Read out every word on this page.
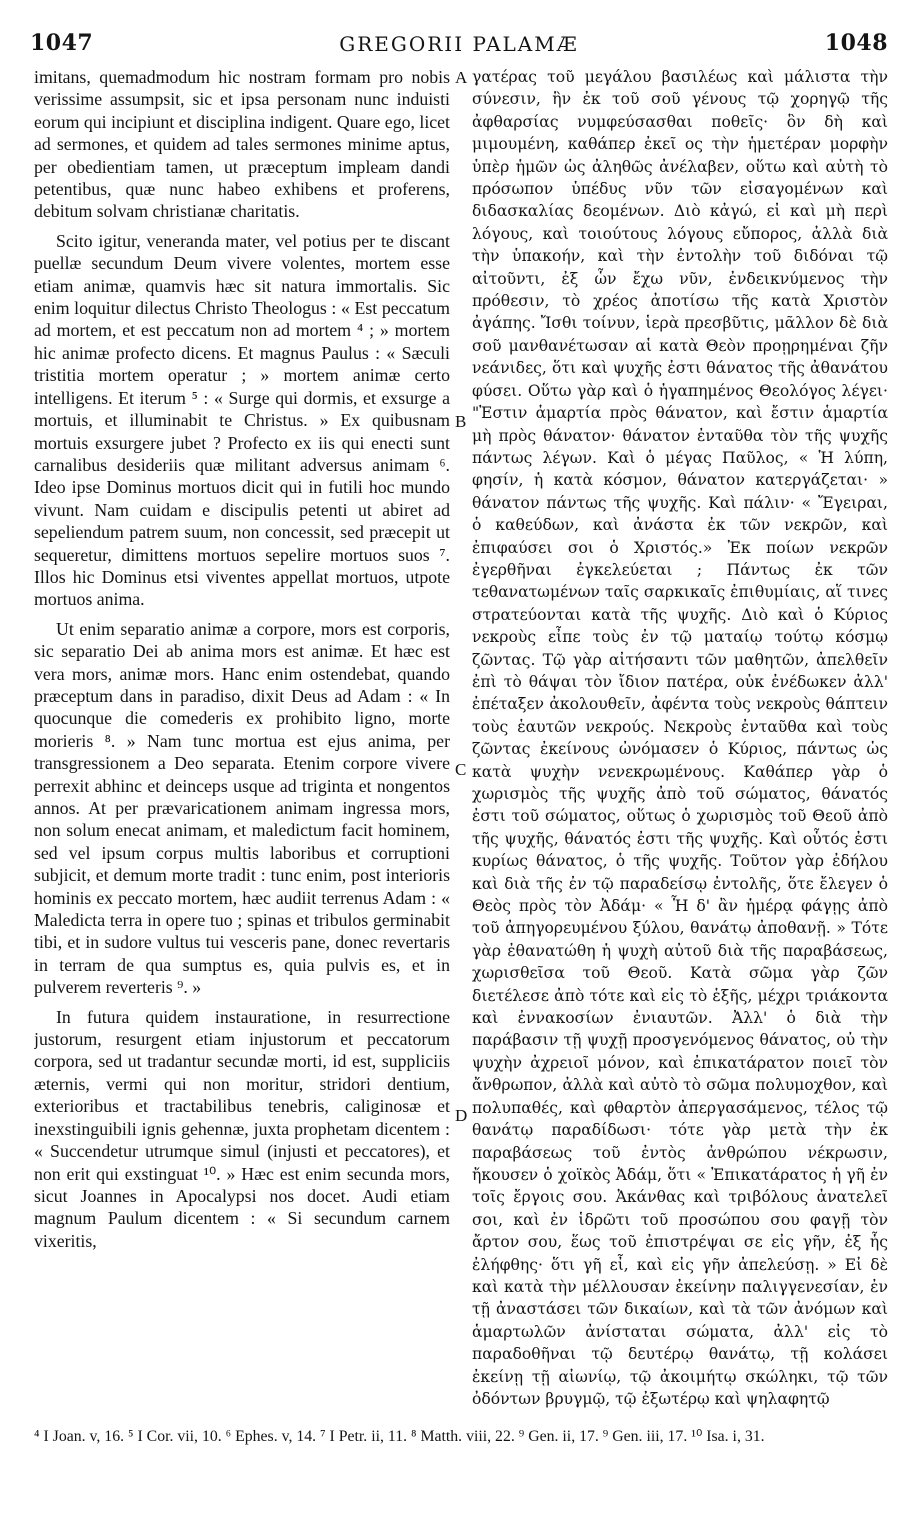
1047	GREGORII PALAMÆ	1048

imitans, quemadmodum hic nostram formam pro nobis verissime assumpsit, sic et ipsa personam nunc induisti eorum qui incipiunt et disciplina indigent. Quare ego, licet ad sermones, et quidem ad tales sermones minime aptus, per obedientiam tamen, ut præceptum impleam dandi petentibus, quæ nunc habeo exhibens et proferens, debitum solvam christianæ charitatis.

Scito igitur, veneranda mater, vel potius per te discant puellæ secundum Deum vivere volentes, mortem esse etiam animæ, quamvis hæc sit natura immortalis. Sic enim loquitur dilectus Christo Theologus : « Est peccatum ad mortem, et est peccatum non ad mortem ⁴ ; » mortem hic animæ profecto dicens. Et magnus Paulus : « Sæculi tristitia mortem operatur ; » mortem animæ certo intelligens. Et iterum ⁵ : « Surge qui dormis, et exsurge a mortuis, et illuminabit te Christus. » Ex quibusnam mortuis exsurgere jubet ? Profecto ex iis qui enecti sunt carnalibus desideriis quæ militant adversus animam ⁶. Ideo ipse Dominus mortuos dicit qui in futili hoc mundo vivunt. Nam cuidam e discipulis petenti ut abiret ad sepeliendum patrem suum, non concessit, sed præcepit ut sequeretur, dimittens mortuos sepelire mortuos suos ⁷. Illos hic Dominus etsi viventes appellat mortuos, utpote mortuos anima.

Ut enim separatio animæ a corpore, mors est corporis, sic separatio Dei ab anima mors est animæ. Et hæc est vera mors, animæ mors. Hanc enim ostendebat, quando præceptum dans in paradiso, dixit Deus ad Adam : « In quocunque die comederis ex prohibito ligno, morte morieris ⁸. » Nam tunc mortua est ejus anima, per transgressionem a Deo separata. Etenim corpore vivere perrexit abhinc et deinceps usque ad triginta et nongentos annos. At per prævaricationem animam ingressa mors, non solum enecat animam, et maledictum facit hominem, sed vel ipsum corpus multis laboribus et corruptioni subjicit, et demum morte tradit : tunc enim, post interioris hominis ex peccato mortem, hæc audiit terrenus Adam : « Maledicta terra in opere tuo ; spinas et tribulos germinabit tibi, et in sudore vultus tui vesceris pane, donec revertaris in terram de qua sumptus es, quia pulvis es, et in pulverem reverteris ⁹. »

In futura quidem instauratione, in resurrectione justorum, resurgent etiam injustorum et peccatorum corpora, sed ut tradantur secundæ morti, id est, suppliciis æternis, vermi qui non moritur, stridori dentium, exterioribus et tractabilibus tenebris, caliginosæ et inexstinguibili ignis gehennæ, juxta prophetam dicentem : « Succendetur utrumque simul (injusti et peccatores), et non erit qui exstinguat ¹⁰. » Hæc est enim secunda mors, sicut Joannes in Apocalypsi nos docet. Audi etiam magnum Paulum dicentem : « Si secundum carnem vixeritis,

A
B
C
D

γατέρας τοῦ μεγάλου βασιλέως καὶ μάλιστα τὴν σύνεσιν, ἣν ἐκ τοῦ σοῦ γένους τῷ χορηγῷ τῆς ἀφθαρσίας νυμφεύσασθαι ποθεῖς· ὃν δὴ καὶ μιμουμένη, καθάπερ ἐκεῖ ος τὴν ἡμετέραν μορφὴν ὑπὲρ ἡμῶν ὡς ἀληθῶς ἀνέλαβεν, οὕτω καὶ αὐτὴ τὸ πρόσωπον ὑπέδυς νῦν τῶν εἰσαγομένων καὶ διδασκαλίας δεομένων. Διὸ κἀγώ, εἰ καὶ μὴ περὶ λόγους, καὶ τοιούτους λόγους εὔπορος, ἀλλὰ διὰ τὴν ὑπακοήν, καὶ τὴν ἐντολὴν τοῦ διδόναι τῷ αἰτοῦντι, ἐξ ὧν ἔχω νῦν, ἐνδεικνύμενος τὴν πρόθεσιν, τὸ χρέος ἀποτίσω τῆς κατὰ Χριστὸν ἀγάπης. Ἴσθι τοίνυν, ἱερὰ πρεσβῦτις, μᾶλλον δὲ διὰ σοῦ μανθανέτωσαν αἱ κατὰ Θεὸν προῃρημέναι ζῆν νεάνιδες, ὅτι καὶ ψυχῆς ἐστι θάνατος τῆς ἀθανάτου φύσει. Οὕτω γὰρ καὶ ὁ ἠγαπημένος Θεολόγος λέγει· "Ἐστιν ἁμαρτία πρὸς θάνατον, καὶ ἔστιν ἁμαρτία μὴ πρὸς θάνατον· θάνατον ἐνταῦθα τὸν τῆς ψυχῆς πάντως λέγων. Καὶ ὁ μέγας Παῦλος, « Ἡ λύπη, φησίν, ἡ κατὰ κόσμον, θάνατον κατεργάζεται· » θάνατον πάντως τῆς ψυχῆς. Καὶ πάλιν· « Ἔγειραι, ὁ καθεύδων, καὶ ἀνάστα ἐκ τῶν νεκρῶν, καὶ ἐπιφαύσει σοι ὁ Χριστός.» Ἐκ ποίων νεκρῶν ἐγερθῆναι ἐγκελεύεται ; Πάντως ἐκ τῶν τεθανατωμένων ταῖς σαρκικαῖς ἐπιθυμίαις, αἵ τινες στρατεύονται κατὰ τῆς ψυχῆς. Διὸ καὶ ὁ Κύριος νεκροὺς εἶπε τοὺς ἐν τῷ ματαίῳ τούτῳ κόσμῳ ζῶντας. Τῷ γὰρ αἰτήσαντι τῶν μαθητῶν, ἀπελθεῖν ἐπὶ τὸ θάψαι τὸν ἴδιον πατέρα, οὐκ ἐνέδωκεν ἀλλ' ἐπέταξεν ἀκολουθεῖν, ἀφέντα τοὺς νεκροὺς θάπτειν τοὺς ἑαυτῶν νεκρούς. Νεκροὺς ἐνταῦθα καὶ τοὺς ζῶντας ἐκείνους ὠνόμασεν ὁ Κύριος, πάντως ὡς κατὰ ψυχὴν νενεκρωμένους. Καθάπερ γὰρ ὁ χωρισμὸς τῆς ψυχῆς ἀπὸ τοῦ σώματος, θάνατός ἐστι τοῦ σώματος, οὕτως ὁ χωρισμὸς τοῦ Θεοῦ ἀπὸ τῆς ψυχῆς, θάνατός ἐστι τῆς ψυχῆς. Καὶ οὗτός ἐστι κυρίως θάνατος, ὁ τῆς ψυχῆς. Τοῦτον γὰρ ἐδήλου καὶ διὰ τῆς ἐν τῷ παραδείσῳ ἐντολῆς, ὅτε ἔλεγεν ὁ Θεὸς πρὸς τὸν Ἀδάμ· « Ἧ δ' ἂν ἡμέρᾳ φάγῃς ἀπὸ τοῦ ἀπηγορευμένου ξύλου, θανάτῳ ἀποθανῇ. » Τότε γὰρ ἐθανατώθη ἡ ψυχὴ αὐτοῦ διὰ τῆς παραβάσεως, χωρισθεῖσα τοῦ Θεοῦ. Κατὰ σῶμα γὰρ ζῶν διετέλεσε ἀπὸ τότε καὶ εἰς τὸ ἑξῆς, μέχρι τριάκοντα καὶ ἐννακοσίων ἐνιαυτῶν. Ἀλλ' ὁ διὰ τὴν παράβασιν τῇ ψυχῇ προσγενόμενος θάνατος, οὐ τὴν ψυχὴν ἀχρειοῖ μόνον, καὶ ἐπικατάρατον ποιεῖ τὸν ἄνθρωπον, ἀλλὰ καὶ αὐτὸ τὸ σῶμα πολυμοχθον, καὶ πολυπαθές, καὶ φθαρτὸν ἀπεργασάμενος, τέλος τῷ θανάτῳ παραδίδωσι· τότε γὰρ μετὰ τὴν ἐκ παραβάσεως τοῦ ἐντὸς ἀνθρώπου νέκρωσιν, ἤκουσεν ὁ χοϊκὸς Ἀδάμ, ὅτι « Ἐπικατάρατος ἡ γῆ ἐν τοῖς ἔργοις σου. Ἀκάνθας καὶ τριβόλους ἀνατελεῖ σοι, καὶ ἐν ἱδρῶτι τοῦ προσώπου σου φαγῇ τὸν ἄρτον σου, ἕως τοῦ ἐπιστρέψαι σε εἰς γῆν, ἐξ ἧς ἐλήφθης· ὅτι γῆ εἶ, καὶ εἰς γῆν ἀπελεύσῃ. » Εἰ δὲ καὶ κατὰ τὴν μέλλουσαν ἐκείνην παλιγγενεσίαν, ἐν τῇ ἀναστάσει τῶν δικαίων, καὶ τὰ τῶν ἀνόμων καὶ ἁμαρτωλῶν ἀνίσταται σώματα, ἀλλ' εἰς τὸ παραδοθῆναι τῷ δευτέρῳ θανάτῳ, τῇ κολάσει ἐκείνῃ τῇ αἰωνίῳ, τῷ ἀκοιμήτῳ σκώληκι, τῷ τῶν ὀδόντων βρυγμῷ, τῷ ἐξωτέρῳ καὶ ψηλαφητῷ

⁴ I Joan. v, 16. ⁵ I Cor. vii, 10. ⁶ Ephes. v, 14. ⁷ I Petr. ii, 11. ⁸ Matth. viii, 22. ⁹ Gen. ii, 17. ⁹ Gen. iii, 17. ¹⁰ Isa. i, 31.
